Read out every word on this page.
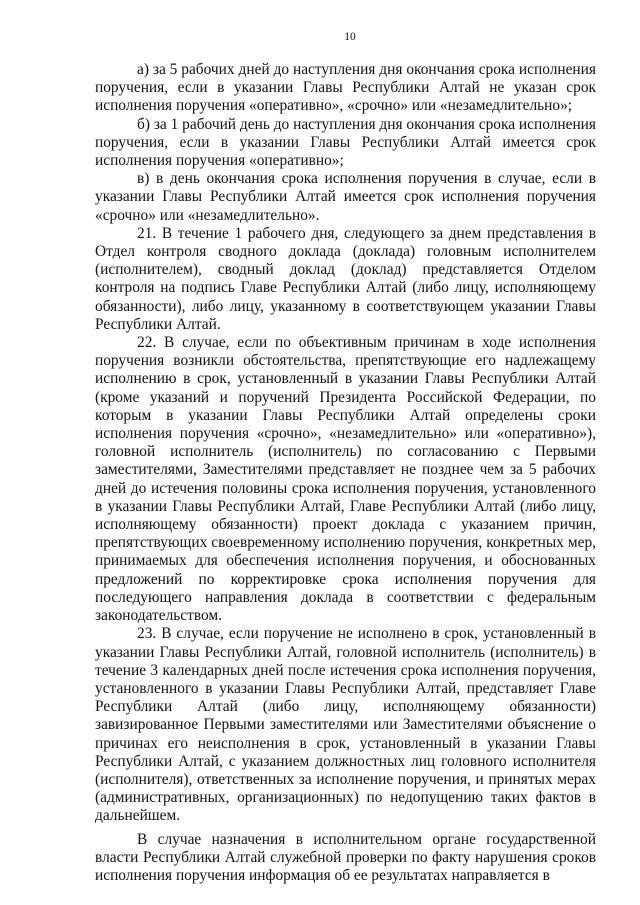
10

а) за 5 рабочих дней до наступления дня окончания срока исполнения поручения, если в указании Главы Республики Алтай не указан срок исполнения поручения «оперативно», «срочно» или «незамедлительно»;

б) за 1 рабочий день до наступления дня окончания срока исполнения поручения, если в указании Главы Республики Алтай имеется срок исполнения поручения «оперативно»;

в) в день окончания срока исполнения поручения в случае, если в указании Главы Республики Алтай имеется срок исполнения поручения «срочно» или «незамедлительно».

21. В течение 1 рабочего дня, следующего за днем представления в Отдел контроля сводного доклада (доклада) головным исполнителем (исполнителем), сводный доклад (доклад) представляется Отделом контроля на подпись Главе Республики Алтай (либо лицу, исполняющему обязанности), либо лицу, указанному в соответствующем указании Главы Республики Алтай.

22. В случае, если по объективным причинам в ходе исполнения поручения возникли обстоятельства, препятствующие его надлежащему исполнению в срок, установленный в указании Главы Республики Алтай (кроме указаний и поручений Президента Российской Федерации, по которым в указании Главы Республики Алтай определены сроки исполнения поручения «срочно», «незамедлительно» или «оперативно»), головной исполнитель (исполнитель) по согласованию с Первыми заместителями, Заместителями представляет не позднее чем за 5 рабочих дней до истечения половины срока исполнения поручения, установленного в указании Главы Республики Алтай, Главе Республики Алтай (либо лицу, исполняющему обязанности) проект доклада с указанием причин, препятствующих своевременному исполнению поручения, конкретных мер, принимаемых для обеспечения исполнения поручения, и обоснованных предложений по корректировке срока исполнения поручения для последующего направления доклада в соответствии с федеральным законодательством.

23. В случае, если поручение не исполнено в срок, установленный в указании Главы Республики Алтай, головной исполнитель (исполнитель) в течение 3 календарных дней после истечения срока исполнения поручения, установленного в указании Главы Республики Алтай, представляет Главе Республики Алтай (либо лицу, исполняющему обязанности) завизированное Первыми заместителями или Заместителями объяснение о причинах его неисполнения в срок, установленный в указании Главы Республики Алтай, с указанием должностных лиц головного исполнителя (исполнителя), ответственных за исполнение поручения, и принятых мерах (административных, организационных) по недопущению таких фактов в дальнейшем.

В случае назначения в исполнительном органе государственной власти Республики Алтай служебной проверки по факту нарушения сроков исполнения поручения информация об ее результатах направляется в
